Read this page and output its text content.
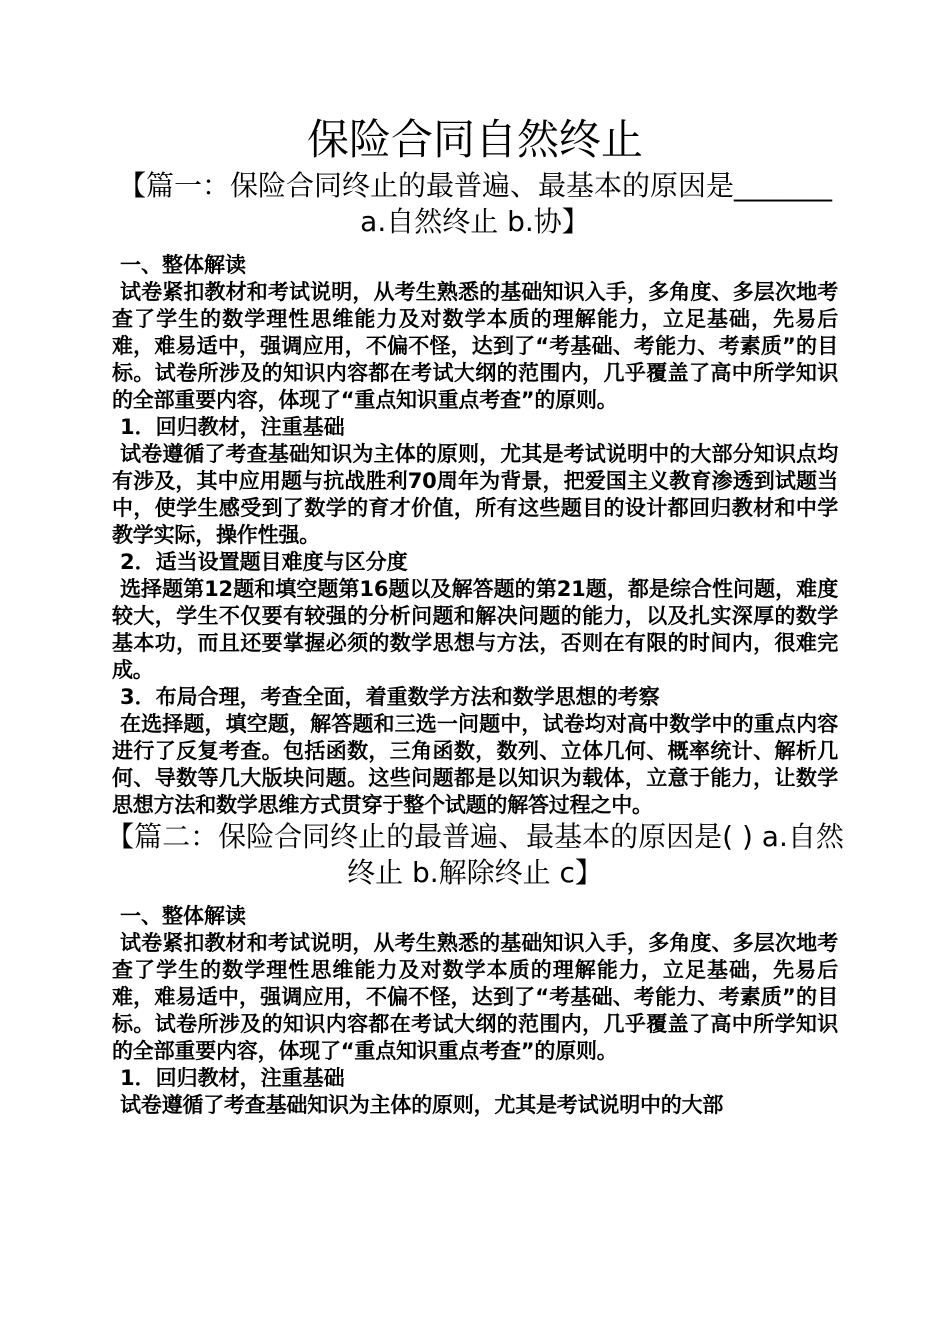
保险合同自然终止
【篇一：保险合同终止的最普遍、最基本的原因是_______ a.自然终止 b.协】
一、整体解读

试卷紧扣教材和考试说明，从考生熟悉的基础知识入手，多角度、多层次地考查了学生的数学理性思维能力及对数学本质的理解能力，立足基础，先易后难，难易适中，强调应用，不偏不怪，达到了“考基础、考能力、考素质”的目标。试卷所涉及的知识内容都在考试大纲的范围内，几乎覆盖了高中所学知识的全部重要内容，体现了“重点知识重点考查”的原则。

1．回归教材，注重基础

试卷遵循了考查基础知识为主体的原则，尤其是考试说明中的大部分知识点均有涉及，其中应用题与抗战胜利70周年为背景，把爱国主义教育渗透到试题当中，使学生感受到了数学的育才价值，所有这些题目的设计都回归教材和中学教学实际，操作性强。

2．适当设置题目难度与区分度

选择题第12题和填空题第16题以及解答题的第21题，都是综合性问题，难度较大，学生不仅要有较强的分析问题和解决问题的能力，以及扎实深厚的数学基本功，而且还要掌握必须的数学思想与方法，否则在有限的时间内，很难完成。

3．布局合理，考查全面，着重数学方法和数学思想的考察

在选择题，填空题，解答题和三选一问题中，试卷均对高中数学中的重点内容进行了反复考查。包括函数，三角函数，数列、立体几何、概率统计、解析几何、导数等几大版块问题。这些问题都是以知识为载体，立意于能力，让数学思想方法和数学思维方式贯穿于整个试题的解答过程之中。

【篇二：保险合同终止的最普遍、最基本的原因是( ) a.自然终止 b.解除终止 c】
一、整体解读

试卷紧扣教材和考试说明，从考生熟悉的基础知识入手，多角度、多层次地考查了学生的数学理性思维能力及对数学本质的理解能力，立足基础，先易后难，难易适中，强调应用，不偏不怪，达到了“考基础、考能力、考素质”的目标。试卷所涉及的知识内容都在考试大纲的范围内，几乎覆盖了高中所学知识的全部重要内容，体现了“重点知识重点考查”的原则。

1．回归教材，注重基础

试卷遵循了考查基础知识为主体的原则，尤其是考试说明中的大部
